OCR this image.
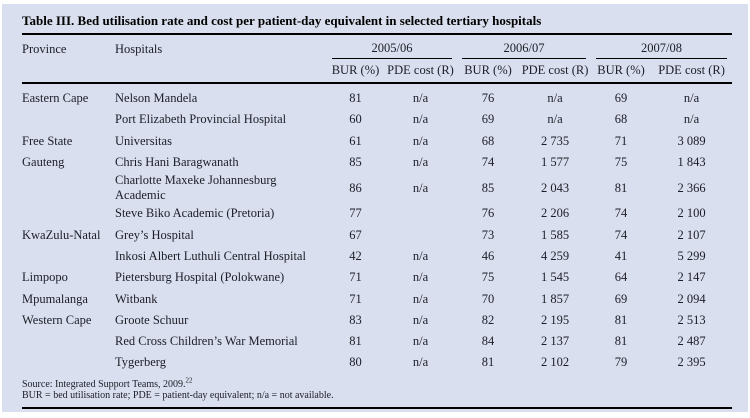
Table III. Bed utilisation rate and cost per patient-day equivalent in selected tertiary hospitals
Province	Hospitals	2005/06		2006/07		2007/08	

		BUR (%)	PDE cost (R)	BUR (%)	PDE cost (R)	BUR (%)	PDE cost (R)
Eastern Cape	Nelson Mandela	81	n/a	76	n/a	69	n/a
	Port Elizabeth Provincial Hospital	60	n/a	69	n/a	68	n/a
Free State	Universitas	61	n/a	68	2 735	71	3 089
Gauteng	Chris Hani Baragwanath	85	n/a	74	1 577	75	1 843
	Charlotte Maxeke Johannesburg Academic	86	n/a	85	2 043	81	2 366
	Steve Biko Academic (Pretoria)	77		76	2 206	74	2 100
KwaZulu-Natal	Grey’s Hospital	67		73	1 585	74	2 107
	Inkosi Albert Luthuli Central Hospital	42	n/a	46	4 259	41	5 299
Limpopo	Pietersburg Hospital (Polokwane)	71	n/a	75	1 545	64	2 147
Mpumalanga	Witbank	71	n/a	70	1 857	69	2 094
Western Cape	Groote Schuur	83	n/a	82	2 195	81	2 513
	Red Cross Children’s War Memorial	81	n/a	84	2 137	81	2 487
	Tygerberg	80	n/a	81	2 102	79	2 395
Source: Integrated Support Teams, 2009.22
BUR = bed utilisation rate; PDE = patient-day equivalent; n/a = not available.
